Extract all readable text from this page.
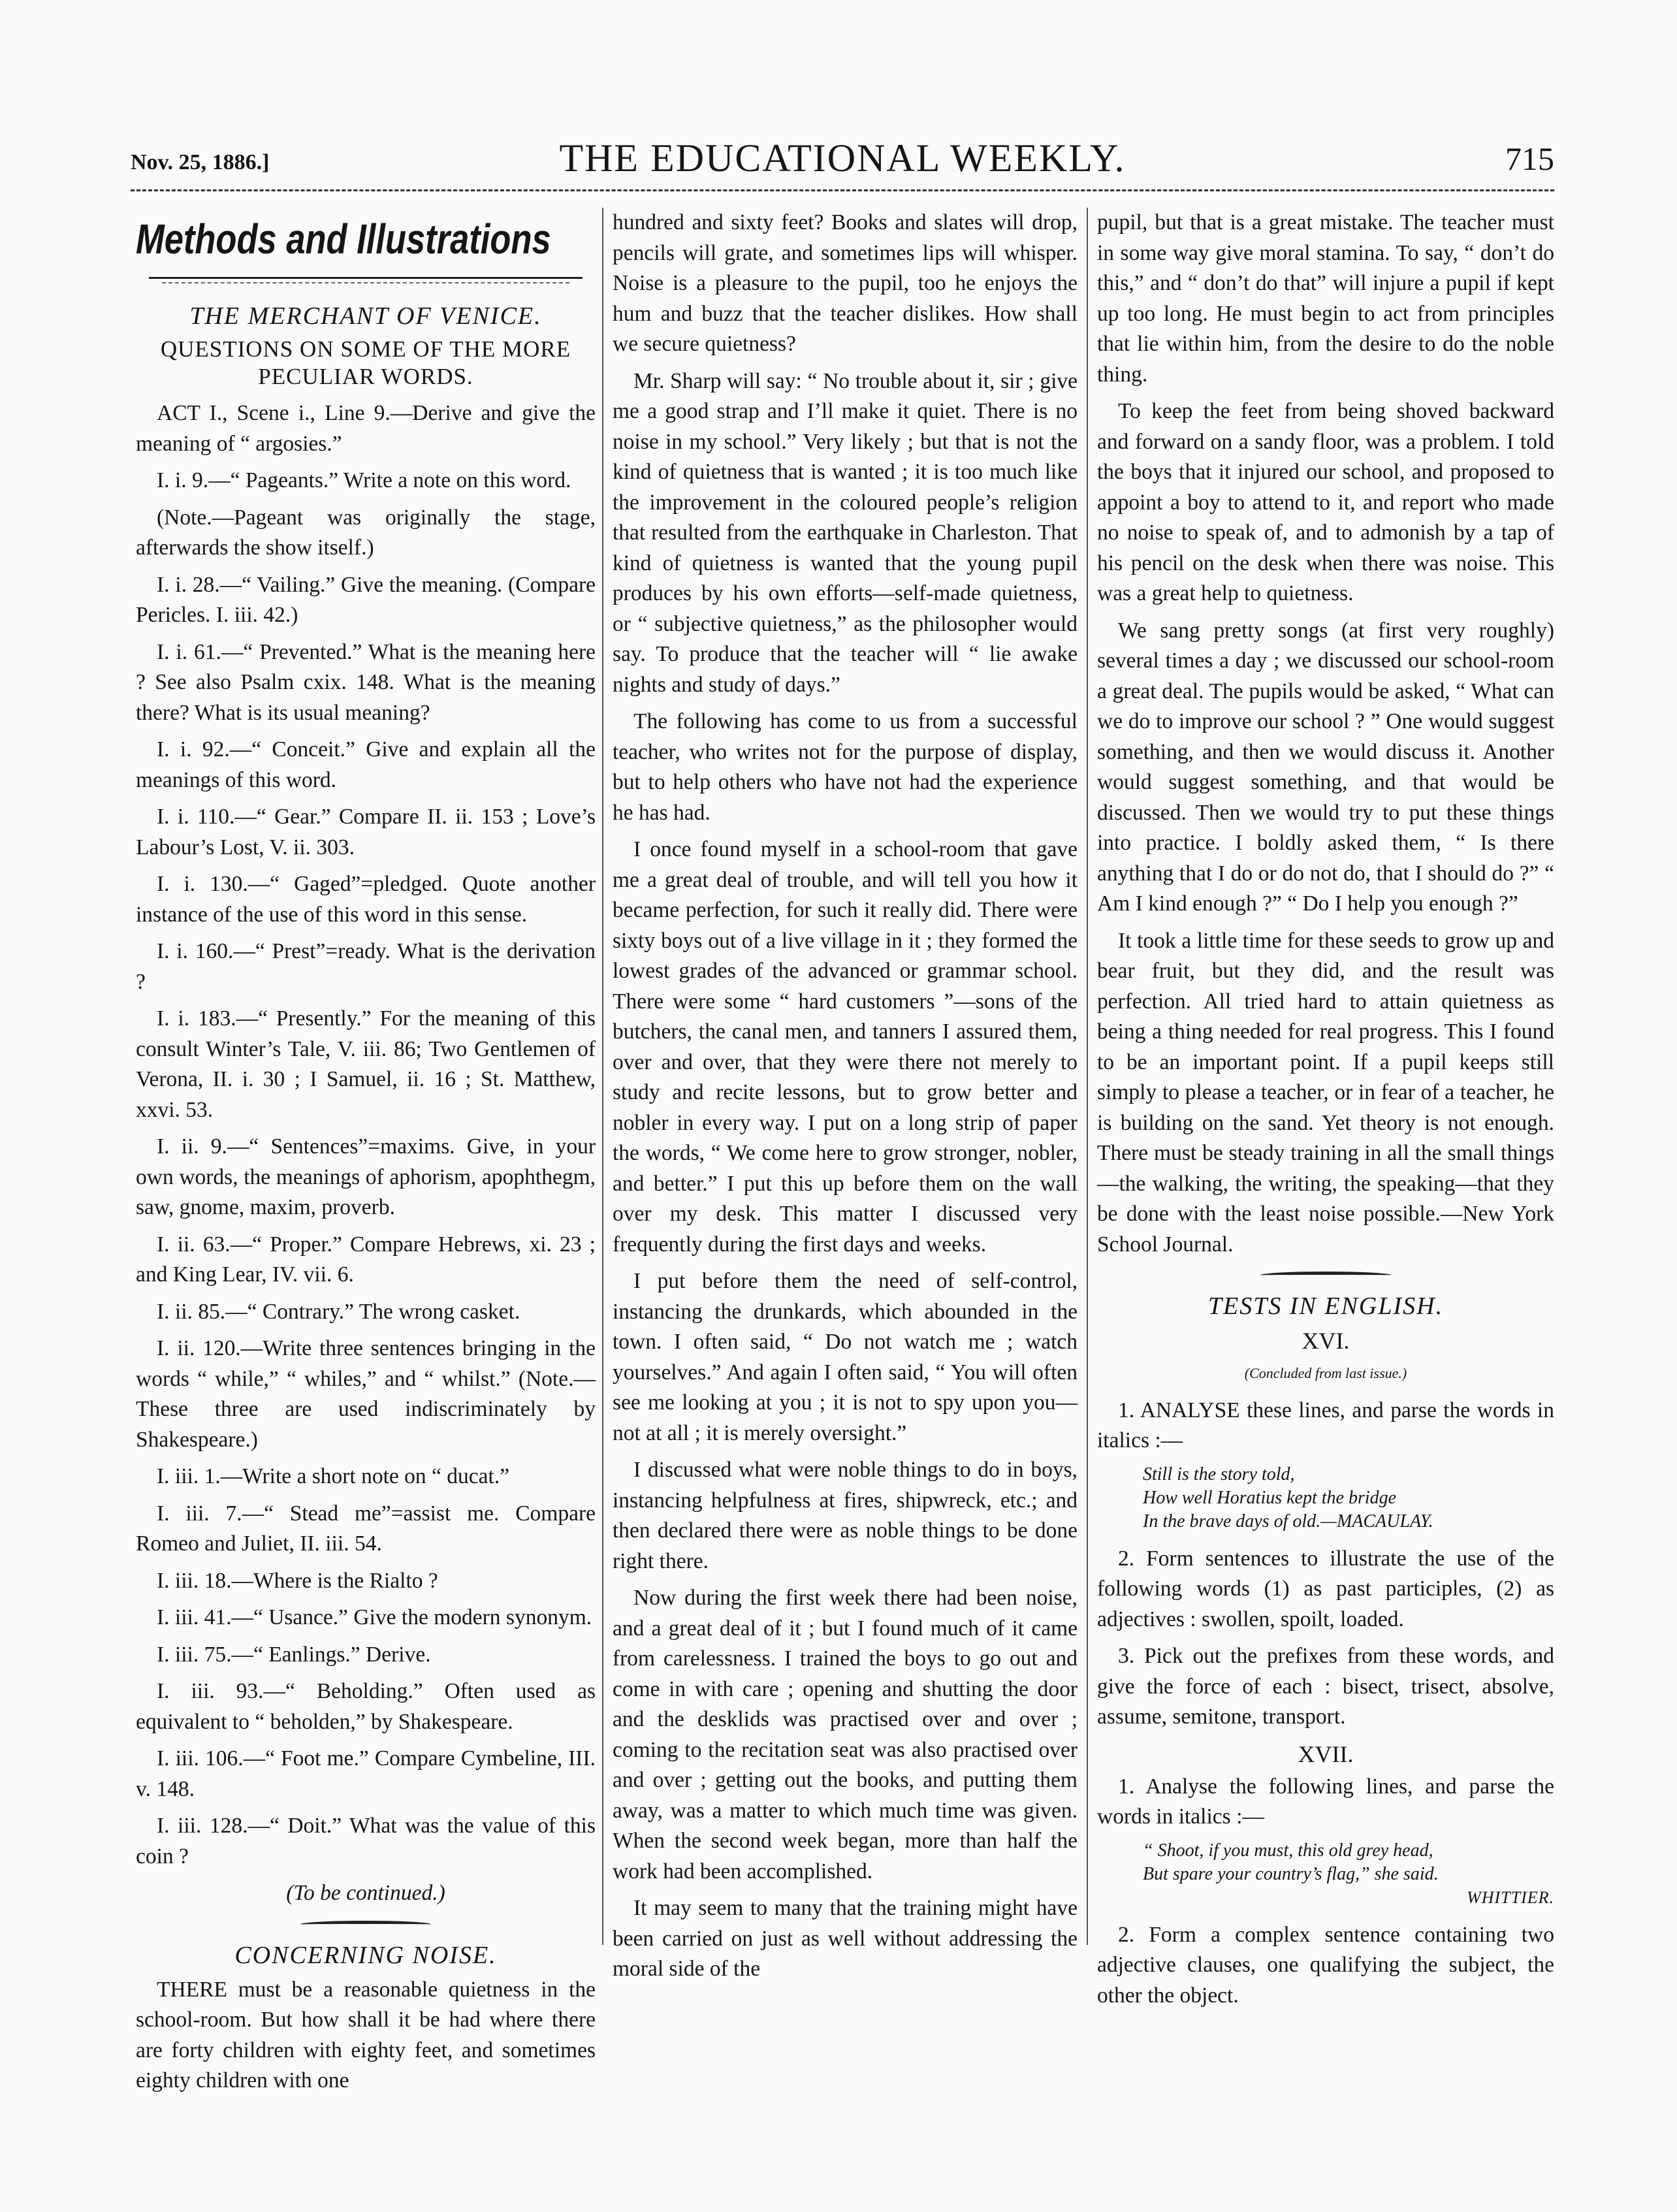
Nov. 25, 1886.]	THE EDUCATIONAL WEEKLY.	715
Methods and Illustrations
THE MERCHANT OF VENICE.
QUESTIONS ON SOME OF THE MORE PECULIAR WORDS.

ACT I., Scene i., Line 9.—Derive and give the meaning of “ argosies.”

I. i. 9.—“ Pageants.” Write a note on this word.

(Note.—Pageant was originally the stage, afterwards the show itself.)

I. i. 28.—“ Vailing.” Give the meaning. (Compare Pericles. I. iii. 42.)

I. i. 61.—“ Prevented.” What is the meaning here ? See also Psalm cxix. 148. What is the meaning there? What is its usual meaning?

I. i. 92.—“ Conceit.” Give and explain all the meanings of this word.

I. i. 110.—“ Gear.” Compare II. ii. 153 ; Love’s Labour’s Lost, V. ii. 303.

I. i. 130.—“ Gaged”=pledged. Quote another instance of the use of this word in this sense.

I. i. 160.—“ Prest”=ready. What is the derivation ?

I. i. 183.—“ Presently.” For the meaning of this consult Winter’s Tale, V. iii. 86; Two Gentlemen of Verona, II. i. 30 ; I Samuel, ii. 16 ; St. Matthew, xxvi. 53.

I. ii. 9.—“ Sentences”=maxims. Give, in your own words, the meanings of aphorism, apophthegm, saw, gnome, maxim, proverb.

I. ii. 63.—“ Proper.” Compare Hebrews, xi. 23 ; and King Lear, IV. vii. 6.

I. ii. 85.—“ Contrary.” The wrong casket.

I. ii. 120.—Write three sentences bringing in the words “ while,” “ whiles,” and “ whilst.” (Note.—These three are used indiscriminately by Shakespeare.)

I. iii. 1.—Write a short note on “ ducat.”

I. iii. 7.—“ Stead me”=assist me. Compare Romeo and Juliet, II. iii. 54.

I. iii. 18.—Where is the Rialto ?

I. iii. 41.—“ Usance.” Give the modern synonym.

I. iii. 75.—“ Eanlings.” Derive.

I. iii. 93.—“ Beholding.” Often used as equivalent to “ beholden,” by Shakespeare.

I. iii. 106.—“ Foot me.” Compare Cymbeline, III. v. 148.

I. iii. 128.—“ Doit.” What was the value of this coin ?

(To be continued.)

CONCERNING NOISE.

THERE must be a reasonable quietness in the school-room. But how shall it be had where there are forty children with eighty feet, and sometimes eighty children with one

hundred and sixty feet? Books and slates will drop, pencils will grate, and sometimes lips will whisper. Noise is a pleasure to the pupil, too he enjoys the hum and buzz that the teacher dislikes. How shall we secure quietness?

Mr. Sharp will say: “ No trouble about it, sir ; give me a good strap and I’ll make it quiet. There is no noise in my school.” Very likely ; but that is not the kind of quietness that is wanted ; it is too much like the improvement in the coloured people’s religion that resulted from the earthquake in Charleston. That kind of quietness is wanted that the young pupil produces by his own efforts—self-made quietness, or “ subjective quietness,” as the philosopher would say. To produce that the teacher will “ lie awake nights and study of days.”

The following has come to us from a successful teacher, who writes not for the purpose of display, but to help others who have not had the experience he has had.

I once found myself in a school-room that gave me a great deal of trouble, and will tell you how it became perfection, for such it really did. There were sixty boys out of a live village in it ; they formed the lowest grades of the advanced or grammar school. There were some “ hard customers ”—sons of the butchers, the canal men, and tanners I assured them, over and over, that they were there not merely to study and recite lessons, but to grow better and nobler in every way. I put on a long strip of paper the words, “ We come here to grow stronger, nobler, and better.” I put this up before them on the wall over my desk. This matter I discussed very frequently during the first days and weeks.

I put before them the need of self-control, instancing the drunkards, which abounded in the town. I often said, “ Do not watch me ; watch yourselves.” And again I often said, “ You will often see me looking at you ; it is not to spy upon you—not at all ; it is merely oversight.”

I discussed what were noble things to do in boys, instancing helpfulness at fires, shipwreck, etc.; and then declared there were as noble things to be done right there.

Now during the first week there had been noise, and a great deal of it ; but I found much of it came from carelessness. I trained the boys to go out and come in with care ; opening and shutting the door and the desklids was practised over and over ; coming to the recitation seat was also practised over and over ; getting out the books, and putting them away, was a matter to which much time was given. When the second week began, more than half the work had been accomplished.

It may seem to many that the training might have been carried on just as well without addressing the moral side of the

pupil, but that is a great mistake. The teacher must in some way give moral stamina. To say, “ don’t do this,” and “ don’t do that” will injure a pupil if kept up too long. He must begin to act from principles that lie within him, from the desire to do the noble thing.

To keep the feet from being shoved backward and forward on a sandy floor, was a problem. I told the boys that it injured our school, and proposed to appoint a boy to attend to it, and report who made no noise to speak of, and to admonish by a tap of his pencil on the desk when there was noise. This was a great help to quietness.

We sang pretty songs (at first very roughly) several times a day ; we discussed our school-room a great deal. The pupils would be asked, “ What can we do to improve our school ? ” One would suggest something, and then we would discuss it. Another would suggest something, and that would be discussed. Then we would try to put these things into practice. I boldly asked them, “ Is there anything that I do or do not do, that I should do ?” “ Am I kind enough ?” “ Do I help you enough ?”

It took a little time for these seeds to grow up and bear fruit, but they did, and the result was perfection. All tried hard to attain quietness as being a thing needed for real progress. This I found to be an important point. If a pupil keeps still simply to please a teacher, or in fear of a teacher, he is building on the sand. Yet theory is not enough. There must be steady training in all the small things—the walking, the writing, the speaking—that they be done with the least noise possible.—New York School Journal.

TESTS IN ENGLISH.
XVI.
(Concluded from last issue.)

1. ANALYSE these lines, and parse the words in italics :—

Still is the story told,
How well Horatius kept the bridge
In the brave days of old.—MACAULAY.

2. Form sentences to illustrate the use of the following words (1) as past participles, (2) as adjectives : swollen, spoilt, loaded.

3. Pick out the prefixes from these words, and give the force of each : bisect, trisect, absolve, assume, semitone, transport.

XVII.

1. Analyse the following lines, and parse the words in italics :—

“ Shoot, if you must, this old grey head,
But spare your country’s flag,” she said.
WHITTIER.

2. Form a complex sentence containing two adjective clauses, one qualifying the subject, the other the object.
